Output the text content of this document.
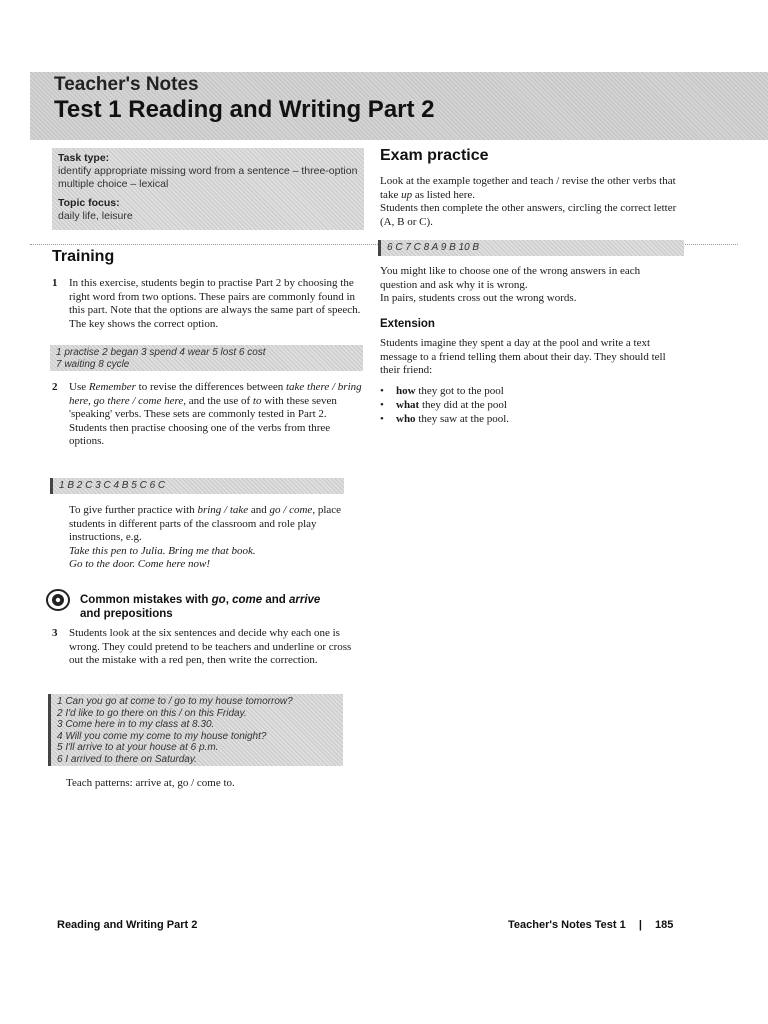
Teacher's Notes
Test 1 Reading and Writing Part 2
Task type:
identify appropriate missing word from a sentence – three-option multiple choice – lexical
Topic focus:
daily life, leisure
Training
1 In this exercise, students begin to practise Part 2 by choosing the right word from two options. These pairs are commonly found in this part. Note that the options are always the same part of speech. The key shows the correct option.
1 practise 2 began 3 spend 4 wear 5 lost 6 cost
7 waiting 8 cycle
2 Use Remember to revise the differences between take there / bring here, go there / come here, and the use of to with these seven 'speaking' verbs. These sets are commonly tested in Part 2.
Students then practise choosing one of the verbs from three options.
1 B 2 C 3 C 4 B 5 C 6 C
To give further practice with bring / take and go / come, place students in different parts of the classroom and role play instructions, e.g.
Take this pen to Julia. Bring me that book.
Go to the door. Come here now!
Common mistakes with go, come and arrive
and prepositions
3 Students look at the six sentences and decide why each one is wrong. They could pretend to be teachers and underline or cross out the mistake with a red pen, then write the correction.
1 Can you go at come to / go to my house tomorrow?
2 I'd like to go there on this / on this Friday.
3 Come here in to my class at 8.30.
4 Will you come my come to my house tonight?
5 I'll arrive to at your house at 6 p.m.
6 I arrived to there on Saturday.
Teach patterns: arrive at, go / come to.
Exam practice
Look at the example together and teach / revise the other verbs that take up as listed here.
Students then complete the other answers, circling the correct letter (A, B or C).
6 C 7 C 8 A 9 B 10 B
You might like to choose one of the wrong answers in each question and ask why it is wrong.
In pairs, students cross out the wrong words.
Extension
Students imagine they spent a day at the pool and write a text message to a friend telling them about their day. They should tell their friend:
• how they got to the pool
• what they did at the pool
• who they saw at the pool.
Reading and Writing Part 2	Teacher's Notes Test 1 | 185
